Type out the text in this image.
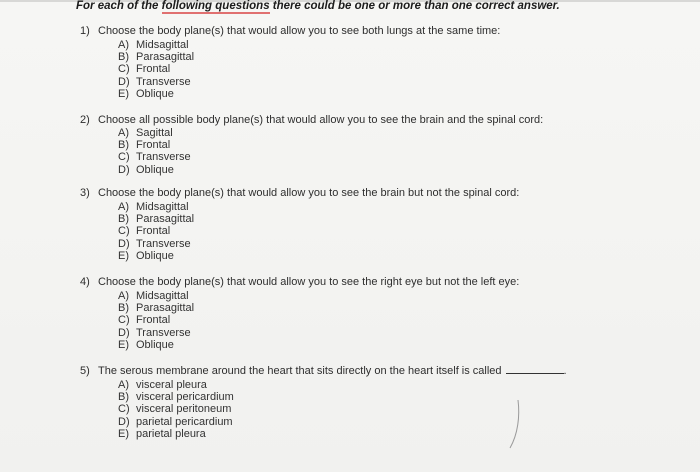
For each of the following questions there could be one or more than one correct answer.
1) Choose the body plane(s) that would allow you to see both lungs at the same time:
A) Midsagittal
B) Parasagittal
C) Frontal
D) Transverse
E) Oblique
2) Choose all possible body plane(s) that would allow you to see the brain and the spinal cord:
A) Sagittal
B) Frontal
C) Transverse
D) Oblique
3) Choose the body plane(s) that would allow you to see the brain but not the spinal cord:
A) Midsagittal
B) Parasagittal
C) Frontal
D) Transverse
E) Oblique
4) Choose the body plane(s) that would allow you to see the right eye but not the left eye:
A) Midsagittal
B) Parasagittal
C) Frontal
D) Transverse
E) Oblique
5) The serous membrane around the heart that sits directly on the heart itself is called	.
A) visceral pleura
B) visceral pericardium
C) visceral peritoneum
D) parietal pericardium
E) parietal pleura
